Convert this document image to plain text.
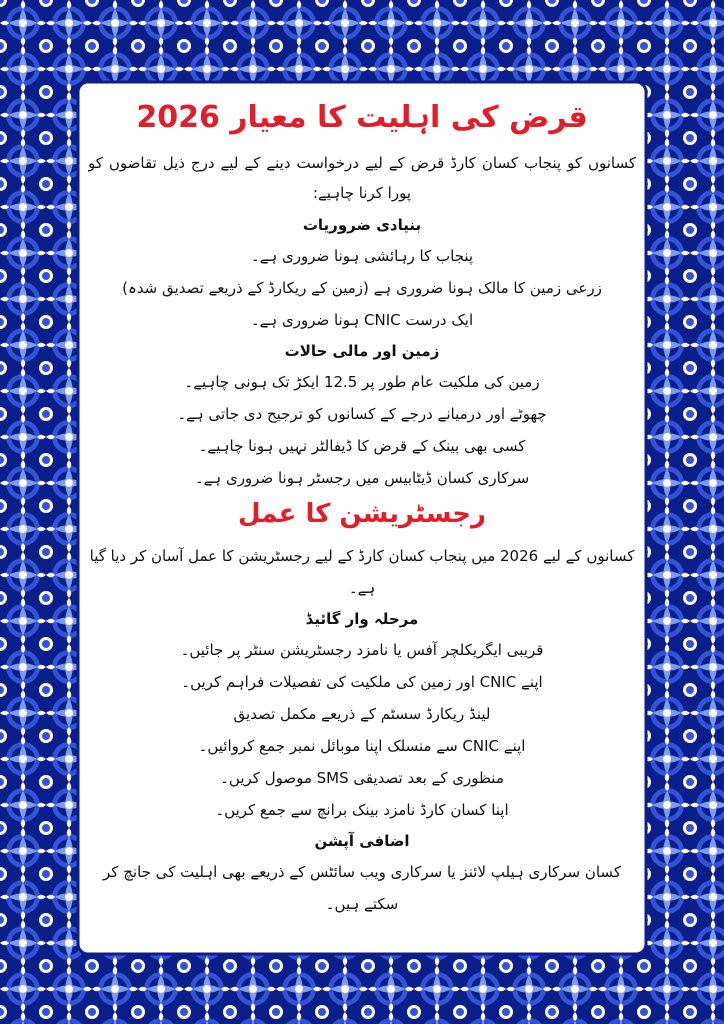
قرض کی اہلیت کا معیار 2026

کسانوں کو پنجاب کسان کارڈ قرض کے لیے درخواست دینے کے لیے درج ذیل تقاضوں کو پورا کرنا چاہیے:

بنیادی ضروریات
پنجاب کا رہائشی ہونا ضروری ہے۔
زرعی زمین کا مالک ہونا ضروری ہے (زمین کے ریکارڈ کے ذریعے تصدیق شدہ)
ایک درست CNIC ہونا ضروری ہے۔
زمین اور مالی حالات
زمین کی ملکیت عام طور پر 12.5 ایکڑ تک ہونی چاہیے۔
چھوٹے اور درمیانے درجے کے کسانوں کو ترجیح دی جاتی ہے۔
کسی بھی بینک کے قرض کا ڈیفالٹر نہیں ہونا چاہیے۔
سرکاری کسان ڈیٹابیس میں رجسٹر ہونا ضروری ہے۔
رجسٹریشن کا عمل
کسانوں کے لیے 2026 میں پنجاب کسان کارڈ کے لیے رجسٹریشن کا عمل آسان کر دیا گیا ہے۔
مرحلہ وار گائیڈ
قریبی ایگریکلچر آفس یا نامزد رجسٹریشن سنٹر پر جائیں۔
اپنے CNIC اور زمین کی ملکیت کی تفصیلات فراہم کریں۔
لینڈ ریکارڈ سسٹم کے ذریعے مکمل تصدیق
اپنے CNIC سے منسلک اپنا موبائل نمبر جمع کروائیں۔
منظوری کے بعد تصدیقی SMS موصول کریں۔
اپنا کسان کارڈ نامزد بینک برانچ سے جمع کریں۔
اضافی آپشن
کسان سرکاری ہیلپ لائنز یا سرکاری ویب سائٹس کے ذریعے بھی اہلیت کی جانچ کر سکتے ہیں۔
